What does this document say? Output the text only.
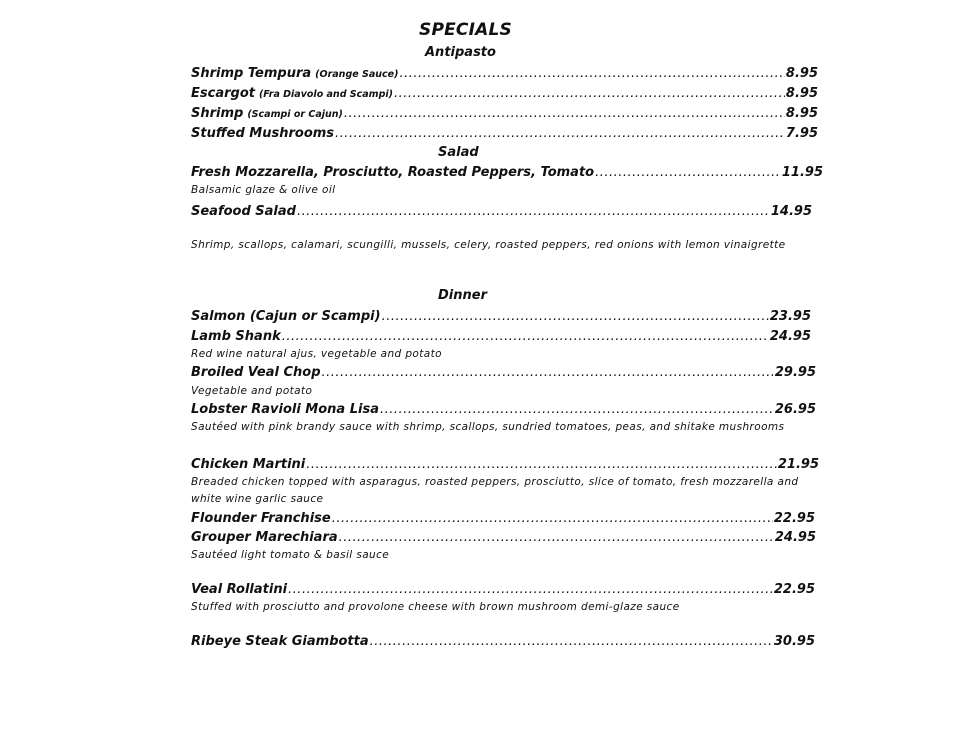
SPECIALS
Antipasto
Shrimp Tempura (Orange Sauce) .....	8.95
Escargot (Fra Diavolo and Scampi) .....	8.95
Shrimp (Scampi or Cajun) .....	8.95
Stuffed Mushrooms .....	7.95
Salad
Fresh Mozzarella, Prosciutto, Roasted Peppers, Tomato .....	11.95
Balsamic glaze & olive oil
Seafood Salad .....	14.95
Shrimp, scallops, calamari, scungilli, mussels, celery, roasted peppers, red onions with lemon vinaigrette
Dinner
Salmon (Cajun or Scampi) .....	23.95
Lamb Shank .....	24.95
Red wine natural ajus, vegetable and potato
Broiled Veal Chop .....	29.95
Vegetable and potato
Lobster Ravioli Mona Lisa .....	26.95
Sautéed with pink brandy sauce with shrimp, scallops, sundried tomatoes, peas, and shitake mushrooms
Chicken Martini .....	21.95
Breaded chicken topped with asparagus, roasted peppers, prosciutto, slice of tomato, fresh mozzarella and white wine garlic sauce
Flounder Franchise .....	22.95
Grouper Marechiara .....	24.95
Sautéed light tomato & basil sauce
Veal Rollatini .....	22.95
Stuffed with prosciutto and provolone cheese with brown mushroom demi-glaze sauce
Ribeye Steak Giambotta .....	30.95
